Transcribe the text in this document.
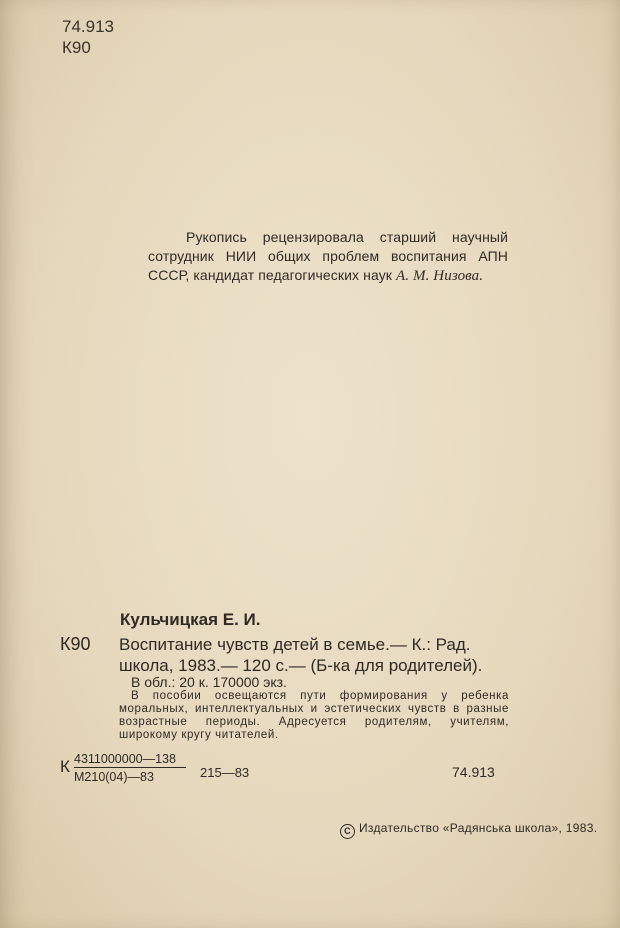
74.913
К90
Рукопись рецензировала старший научный сотрудник НИИ общих проблем воспитания АПН СССР, кандидат педагогических наук А. М. Низова.
Кульчицкая Е. И.
К90 Воспитание чувств детей в семье.— К.: Рад. школа, 1983.— 120 с.— (Б-ка для родителей).
В обл.: 20 к. 170000 экз.
В пособии освещаются пути формирования у ребенка моральных, интеллектуальных и эстетических чувств в разные возрастные периоды. Адресуется родителям, учителям, широкому кругу читателей.
К 4311000000—138
М210(04)—83	215—83	74.913
С Издательство «Радянська школа», 1983.
